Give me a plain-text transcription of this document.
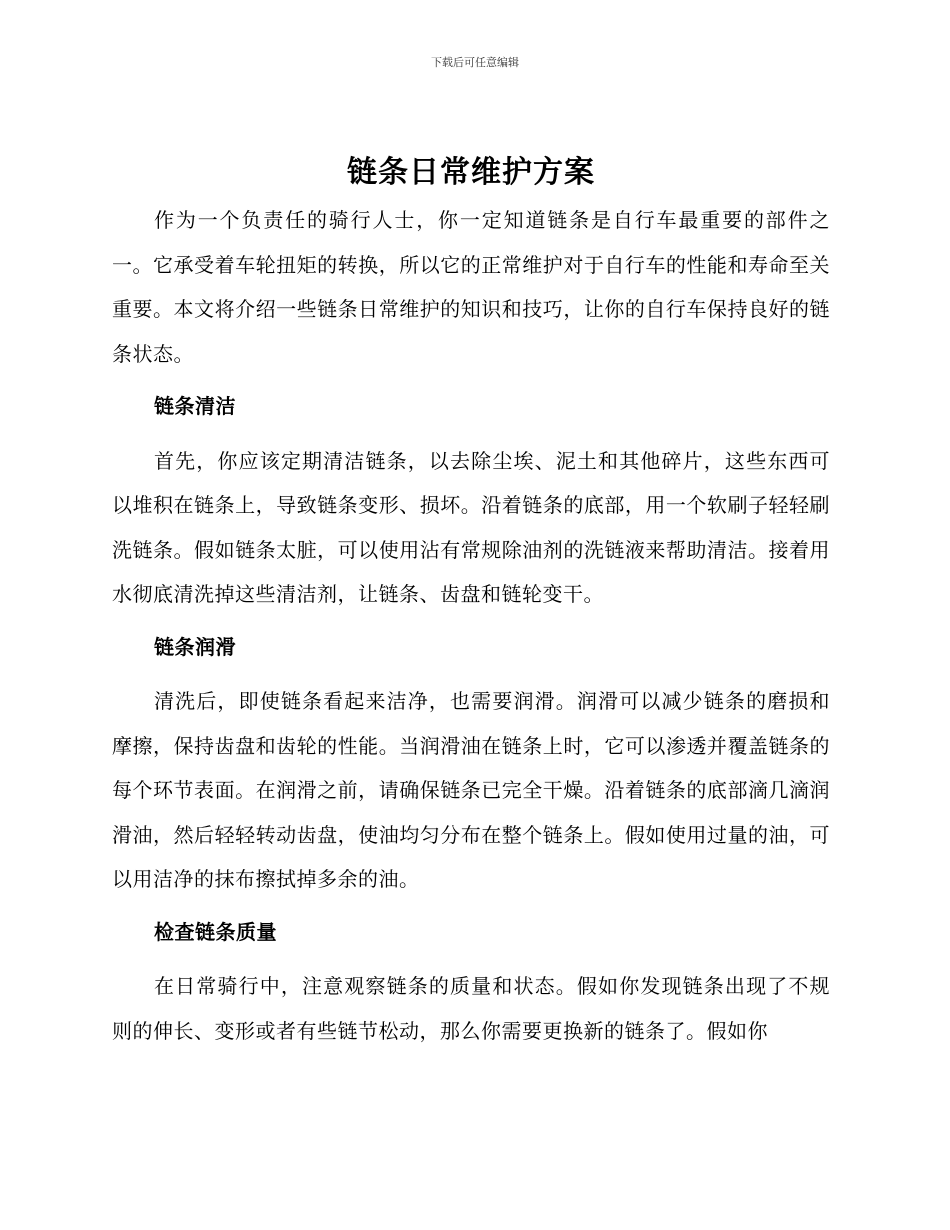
下载后可任意编辑
链条日常维护方案

作为一个负责任的骑行人士，你一定知道链条是自行车最重要的部件之一。它承受着车轮扭矩的转换，所以它的正常维护对于自行车的性能和寿命至关重要。本文将介绍一些链条日常维护的知识和技巧，让你的自行车保持良好的链条状态。

链条清洁

首先，你应该定期清洁链条，以去除尘埃、泥土和其他碎片，这些东西可以堆积在链条上，导致链条变形、损坏。沿着链条的底部，用一个软刷子轻轻刷洗链条。假如链条太脏，可以使用沾有常规除油剂的洗链液来帮助清洁。接着用水彻底清洗掉这些清洁剂，让链条、齿盘和链轮变干。

链条润滑

清洗后，即使链条看起来洁净，也需要润滑。润滑可以减少链条的磨损和摩擦，保持齿盘和齿轮的性能。当润滑油在链条上时，它可以渗透并覆盖链条的每个环节表面。在润滑之前，请确保链条已完全干燥。沿着链条的底部滴几滴润滑油，然后轻轻转动齿盘，使油均匀分布在整个链条上。假如使用过量的油，可以用洁净的抹布擦拭掉多余的油。

检查链条质量

在日常骑行中，注意观察链条的质量和状态。假如你发现链条出现了不规则的伸长、变形或者有些链节松动，那么你需要更换新的链条了。假如你
